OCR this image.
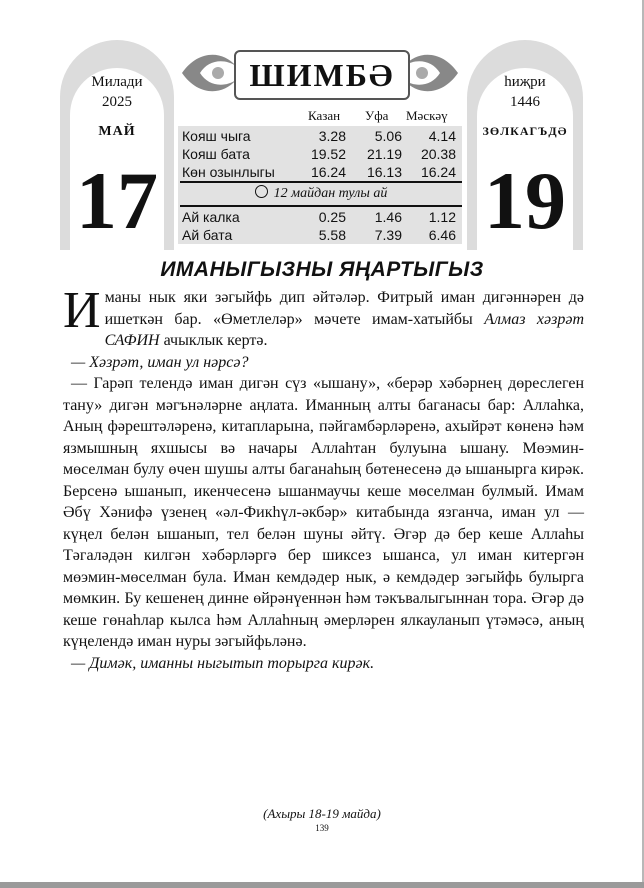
Милади
2025
МАЙ
17
һиҗри
1446
ЗӨЛКАГЪДӘ
19
ШИМБӘ
Казан Уфа Мәскәү
Кояш чыга	3.28	5.06	4.14
Кояш бата	19.52	21.19	20.38
Көн озынлыгы	16.24	16.13	16.24
12 майдан тулы ай
Ай калка	0.25	1.46	1.12
Ай бата	5.58	7.39	6.46
ИМАНЫГЫЗНЫ ЯҢАРТЫГЫЗ

Иманы нык яки зәгыйфь дип әйтәләр. Фитрый иман дигәннәрен дә ишеткән бар. «Өметлеләр» мәчете имам-хатыйбы Алмаз хәзрәт САФИН ачыклык кертә.

— Хәзрәт, иман ул нәрсә?

— Гарәп телендә иман дигән сүз «ышану», «берәр хәбәрнең дөреслеген тану» дигән мәгънәләрне аңлата. Иманның алты баганасы бар: Аллаһка, Аның фәрештәләренә, китапларына, пәйгамбәрләренә, ахыйрәт көненә һәм язмышның яхшысы вә начары Аллаһтан булуына ышану. Мөэмин-мөселман булу өчен шушы алты баганаһың бөтенесенә дә ышанырга кирәк. Берсенә ышанып, икенчесенә ышанмаучы кеше мөселман булмый. Имам Әбү Хәнифә үзенең «әл-Фикһүл-әкбәр» китабында язганча, иман ул — күңел белән ышанып, тел белән шуны әйтү. Әгәр дә бер кеше Аллаһы Тәгаләдән килгән хәбәрләргә бер шиксез ышанса, ул иман китергән мөэмин-мөселман була. Иман кемдәдер нык, ә кемдәдер зәгыйфь булырга мөмкин. Бу кешенең динне өйрәнүеннән һәм тәкъвалыгыннан тора. Әгәр дә кеше гөнаһлар кылса һәм Аллаһның әмерләрен ялкауланып үтәмәсә, аның күңелендә иман нуры зәгыйфьләнә.

— Димәк, иманны ныгытып торырга кирәк.

(Ахыры 18-19 майда)
139
